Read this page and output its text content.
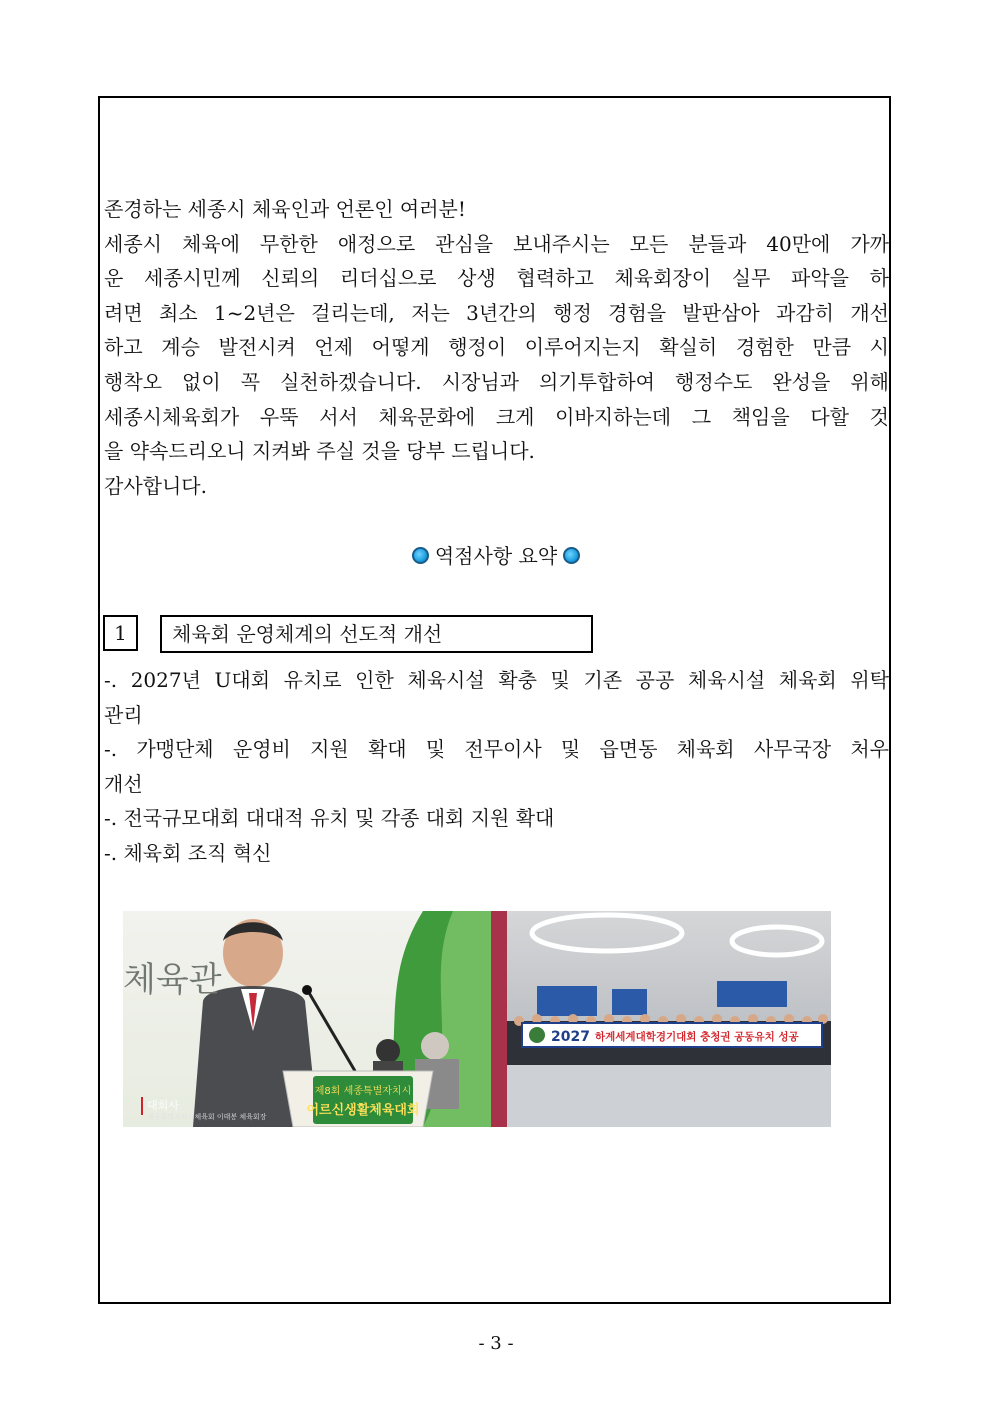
존경하는 세종시 체육인과 언론인 여러분!
세종시 체육에 무한한 애정으로 관심을 보내주시는 모든 분들과 40만에 가까
운 세종시민께 신뢰의 리더십으로 상생 협력하고 체육회장이 실무 파악을 하
려면 최소 1~2년은 걸리는데, 저는 3년간의 행정 경험을 발판삼아 과감히 개선
하고 계승 발전시켜 언제 어떻게 행정이 이루어지는지 확실히 경험한 만큼 시
행착오 없이 꼭 실천하겠습니다. 시장님과 의기투합하여 행정수도 완성을 위해
세종시체육회가 우뚝 서서 체육문화에 크게 이바지하는데 그 책임을 다할 것
을 약속드리오니 지켜봐 주실 것을 당부 드립니다.
감사합니다.
역점사항 요약
1	체육회 운영체계의 선도적 개선
-. 2027년 U대회 유치로 인한 체육시설 확충 및 기존 공공 체육시설 체육회 위탁
관리
-. 가맹단체 운영비 지원 확대 및 전무이사 및 읍면동 체육회 사무국장 처우
개선
-. 전국규모대회 대대적 유치 및 각종 대회 지원 확대
-. 체육회 조직 혁신
제8회 세종특별자치시
어르신생활체육대회
체육관
대회사
세종특별자치시체육회 이태봉 체육회장
2027 하계세계대학경기대회 충청권 공동유치 성공
- 3 -
